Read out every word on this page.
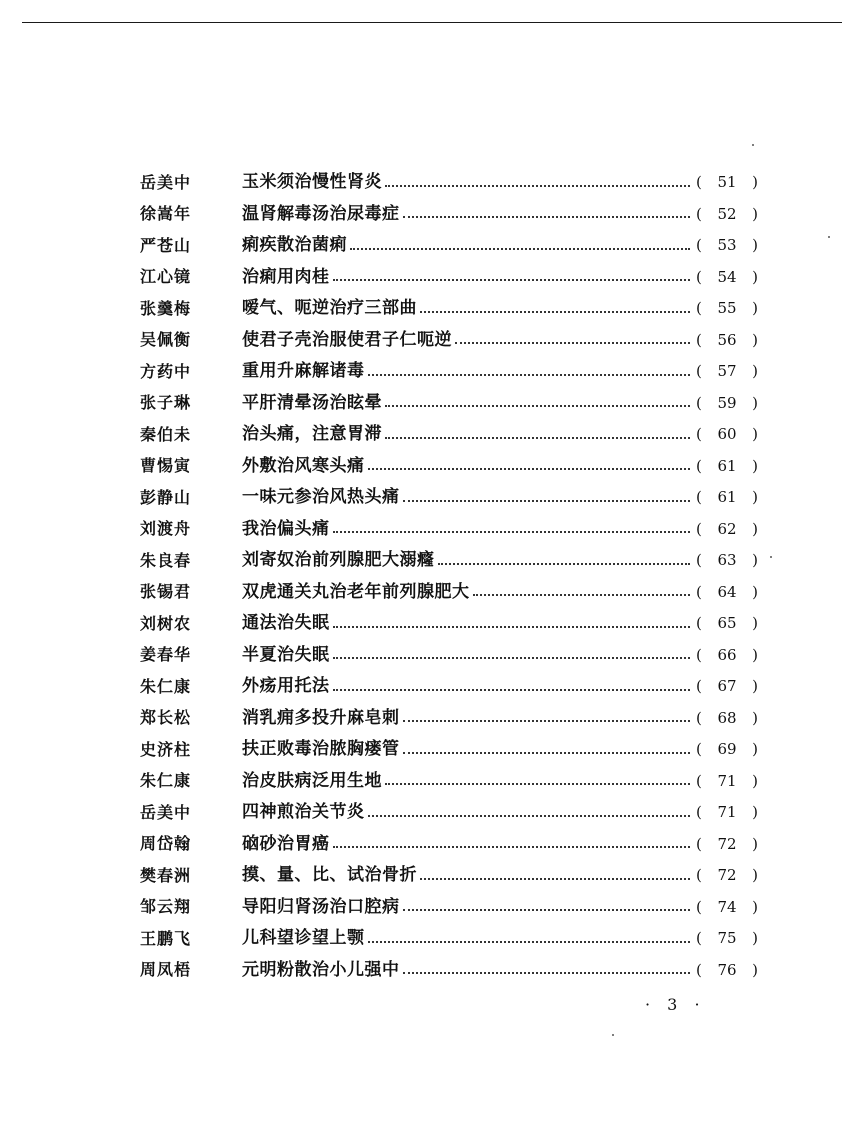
岳美中	玉米须治慢性肾炎	(	51	)
徐嵩年	温肾解毒汤治尿毒症	(	52	)
严苍山	痢疾散治菌痢	(	53	)
江心镜	治痢用肉桂	(	54	)
张羹梅	嗳气、呃逆治疗三部曲	(	55	)
吴佩衡	使君子壳治服使君子仁呃逆	(	56	)
方药中	重用升麻解诸毒	(	57	)
张子琳	平肝清晕汤治眩晕	(	59	)
秦伯未	治头痛，注意胃滞	(	60	)
曹惕寅	外敷治风寒头痛	(	61	)
彭静山	一味元参治风热头痛	(	61	)
刘渡舟	我治偏头痛	(	62	)
朱良春	刘寄奴治前列腺肥大溺癃	(	63	)
张锡君	双虎通关丸治老年前列腺肥大	(	64	)
刘树农	通法治失眠	(	65	)
姜春华	半夏治失眠	(	66	)
朱仁康	外疡用托法	(	67	)
郑长松	消乳痈多投升麻皂刺	(	68	)
史济柱	扶正败毒治脓胸瘘管	(	69	)
朱仁康	治皮肤病泛用生地	(	71	)
岳美中	四神煎治关节炎	(	71	)
周岱翰	硇砂治胃癌	(	72	)
樊春洲	摸、量、比、试治骨折	(	72	)
邹云翔	导阳归肾汤治口腔病	(	74	)
王鹏飞	儿科望诊望上颚	(	75	)
周凤梧	元明粉散治小儿强中	(	76	)
· 3 ·
